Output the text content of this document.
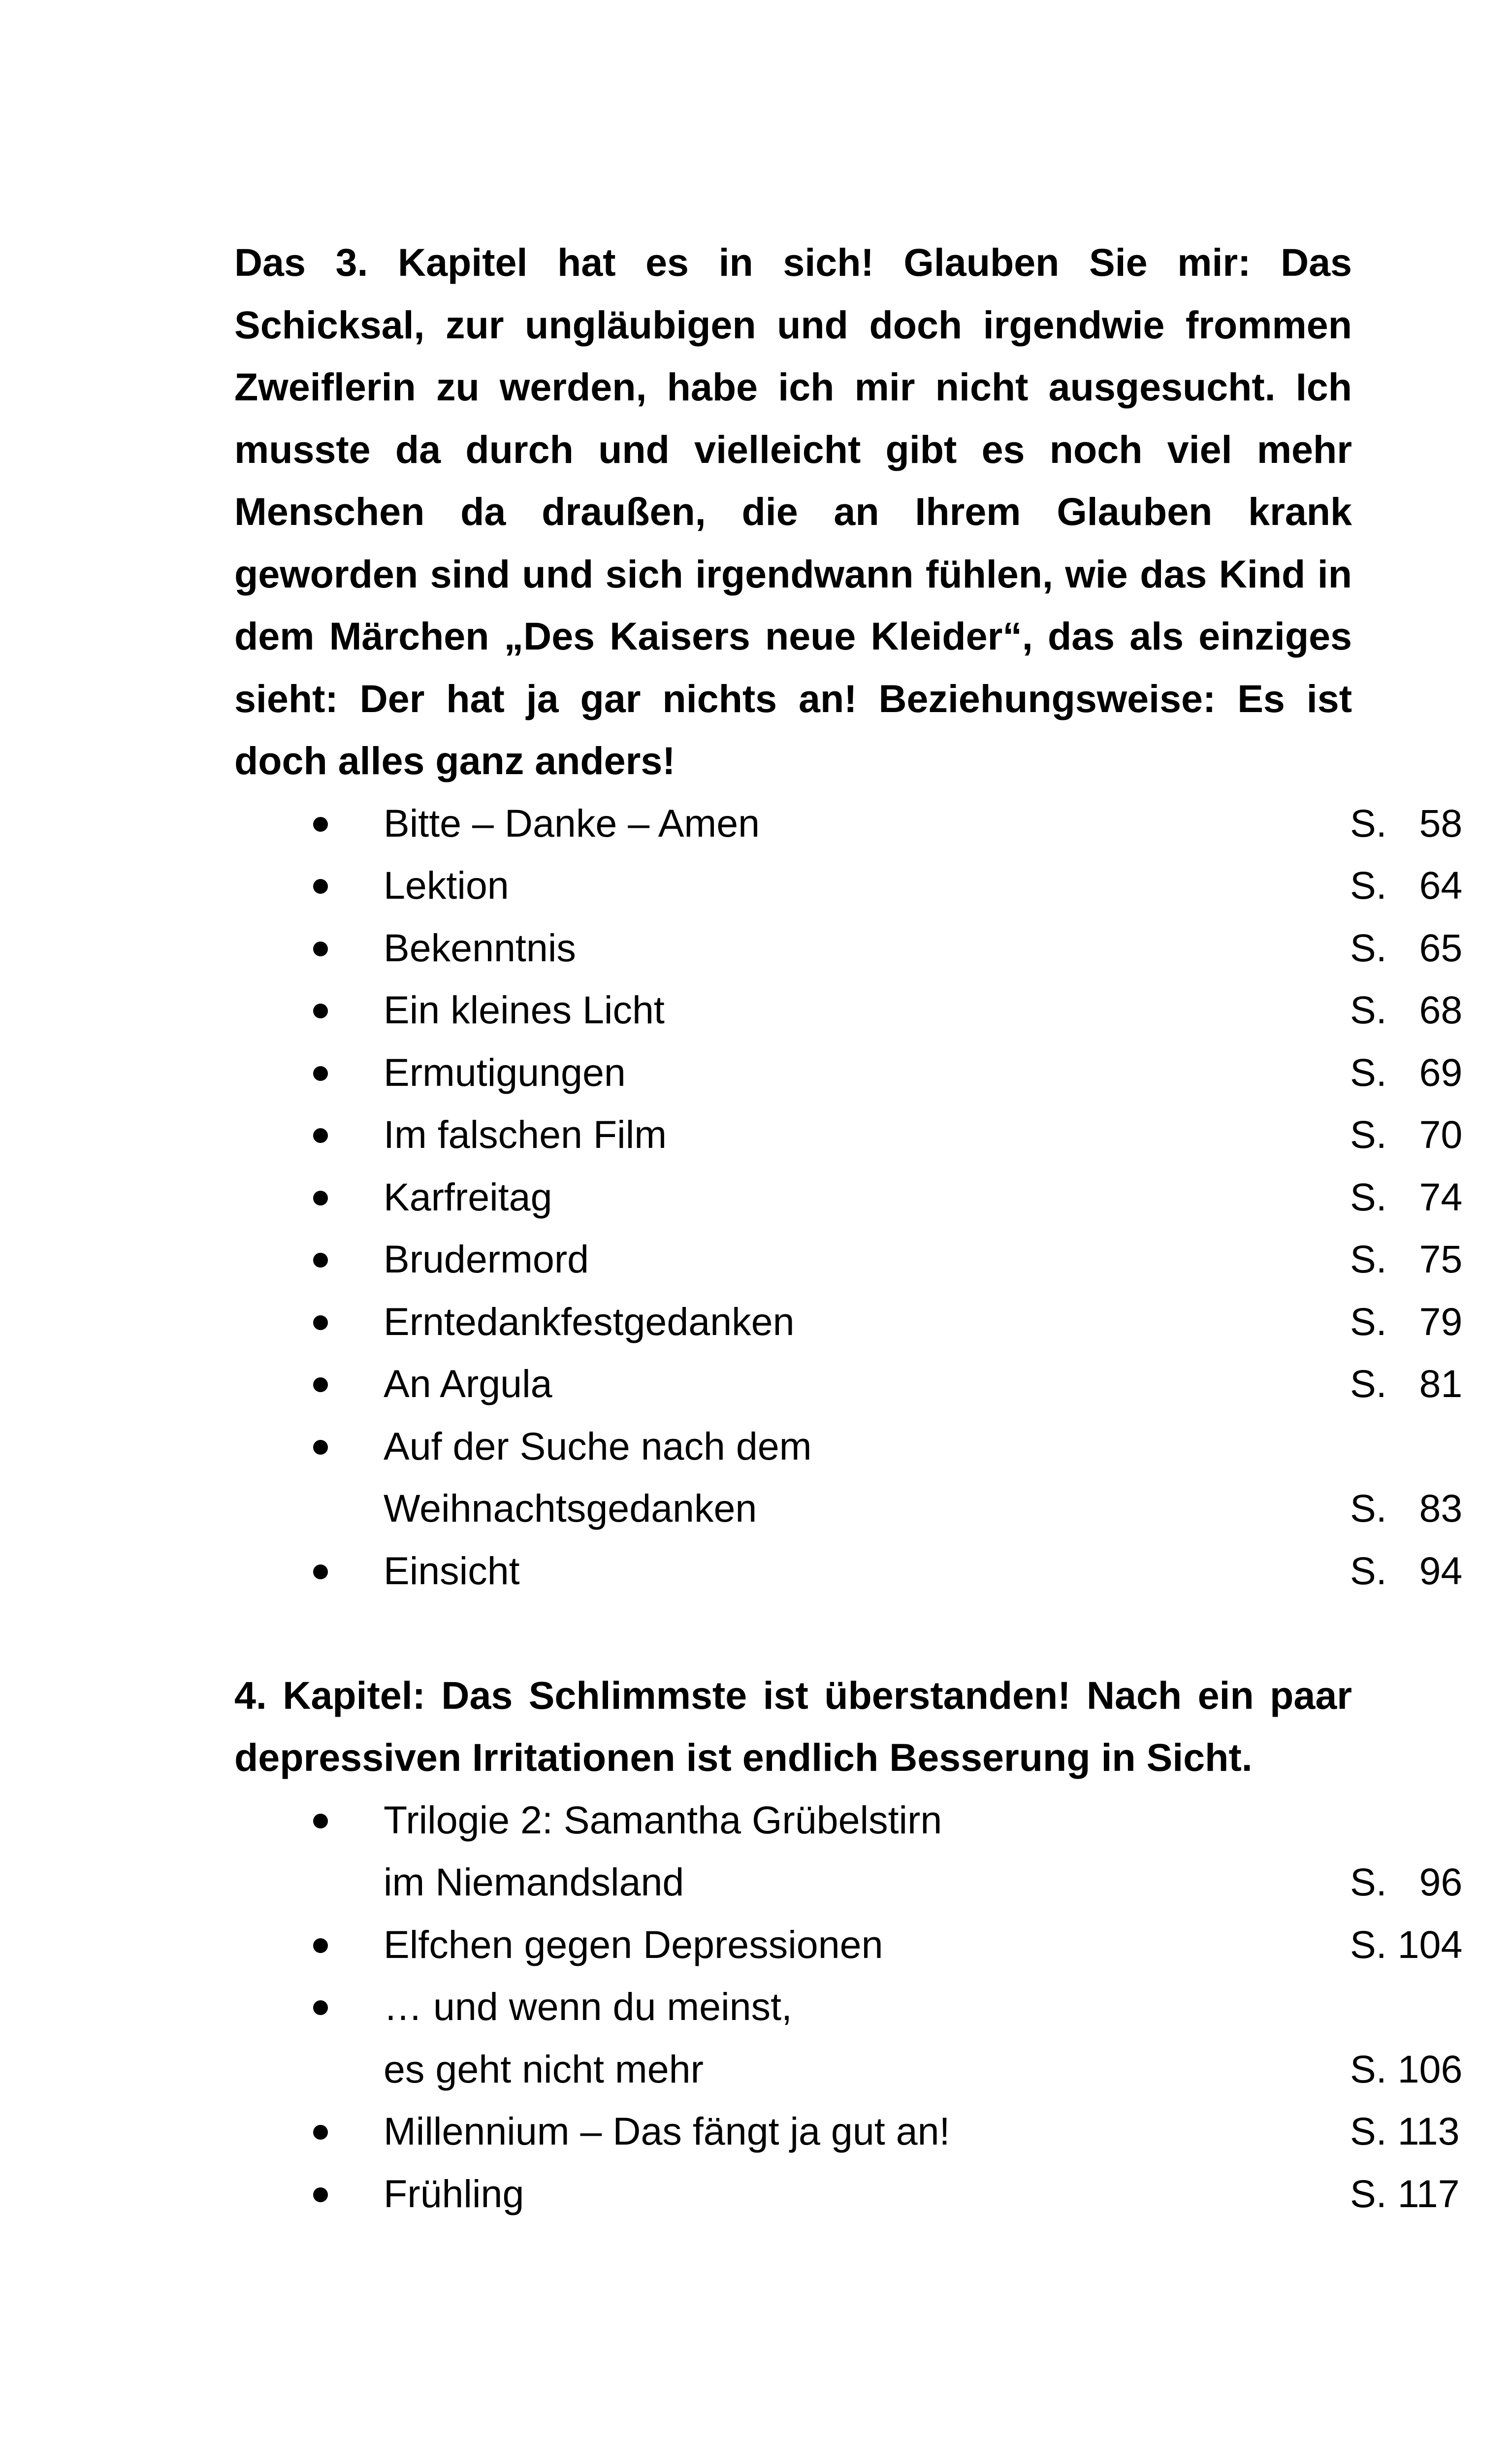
Das 3. Kapitel hat es in sich! Glauben Sie mir: Das Schicksal, zur ungläubigen und doch irgendwie frommen Zweiflerin zu werden, habe ich mir nicht ausgesucht. Ich musste da durch und vielleicht gibt es noch viel mehr Menschen da draußen, die an Ihrem Glauben krank geworden sind und sich irgendwann fühlen, wie das Kind in dem Märchen „Des Kaisers neue Kleider“, das als einziges sieht: Der hat ja gar nichts an! Beziehungsweise: Es ist doch alles ganz anders!

Bitte – Danke – Amen	S.   58
Lektion	S.   64
Bekenntnis	S.   65
Ein kleines Licht	S.   68
Ermutigungen	S.   69
Im falschen Film	S.   70
Karfreitag	S.   74
Brudermord	S.   75
Erntedankfestgedanken	S.   79
An Argula	S.   81
Auf der Suche nach dem
Weihnachtsgedanken	S.   83
Einsicht	S.   94

4. Kapitel: Das Schlimmste ist überstanden! Nach ein paar depressiven Irritationen ist endlich Besserung in Sicht.

Trilogie 2: Samantha Grübelstirn
im Niemandsland	S.   96
Elfchen gegen Depressionen	S. 104
… und wenn du meinst,
es geht nicht mehr	S. 106
Millennium – Das fängt ja gut an!	S. 113
Frühling	S. 117
